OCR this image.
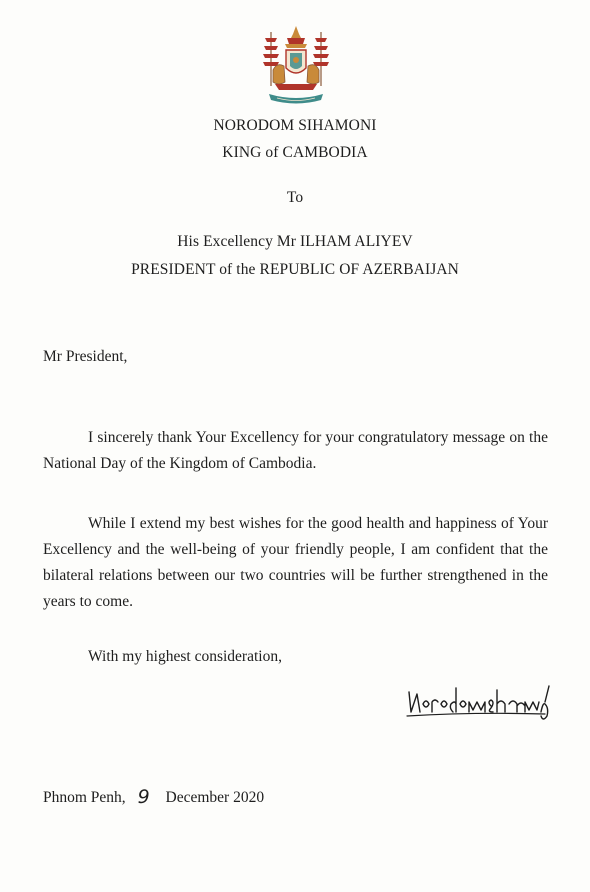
NORODOM SIHAMONI
KING of CAMBODIA
To
His Excellency Mr ILHAM ALIYEV
PRESIDENT of the REPUBLIC OF AZERBAIJAN
Mr President,
I sincerely thank Your Excellency for your congratulatory message on the National Day of the Kingdom of Cambodia.
While I extend my best wishes for the good health and happiness of Your Excellency and the well-being of your friendly people, I am confident that the bilateral relations between our two countries will be further strengthened in the years to come.
With my highest consideration,
Phnom Penh, 9 December 2020
